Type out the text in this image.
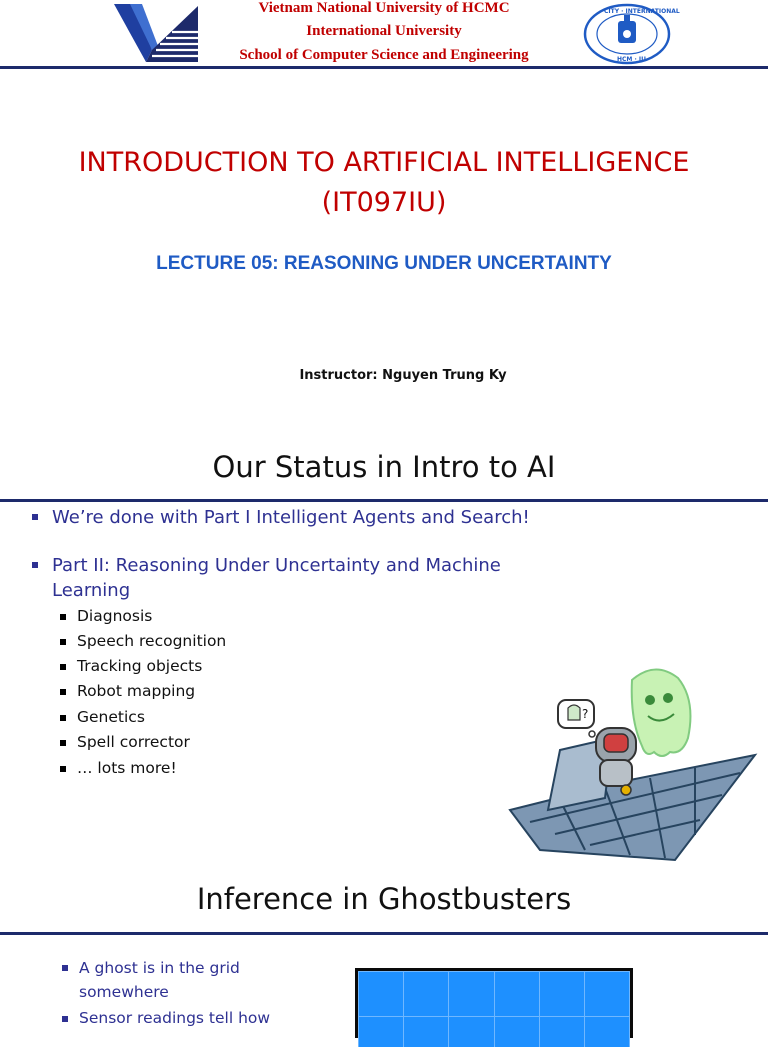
Vietnam National University of HCMC
International University
School of Computer Science and Engineering
CITY · INTERNATIONAL
HCM · IU
INTRODUCTION TO ARTIFICIAL INTELLIGENCE
(IT097IU)
LECTURE 05: REASONING UNDER UNCERTAINTY
Instructor: Nguyen Trung Ky
Our Status in Intro to AI
We’re done with Part I Intelligent Agents and Search!
Part II: Reasoning Under Uncertainty and Machine
Learning
Diagnosis
Speech recognition
Tracking objects
Robot mapping
Genetics
Spell corrector
… lots more!
?
Inference in Ghostbusters
A ghost is in the grid
somewhere
Sensor readings tell how
